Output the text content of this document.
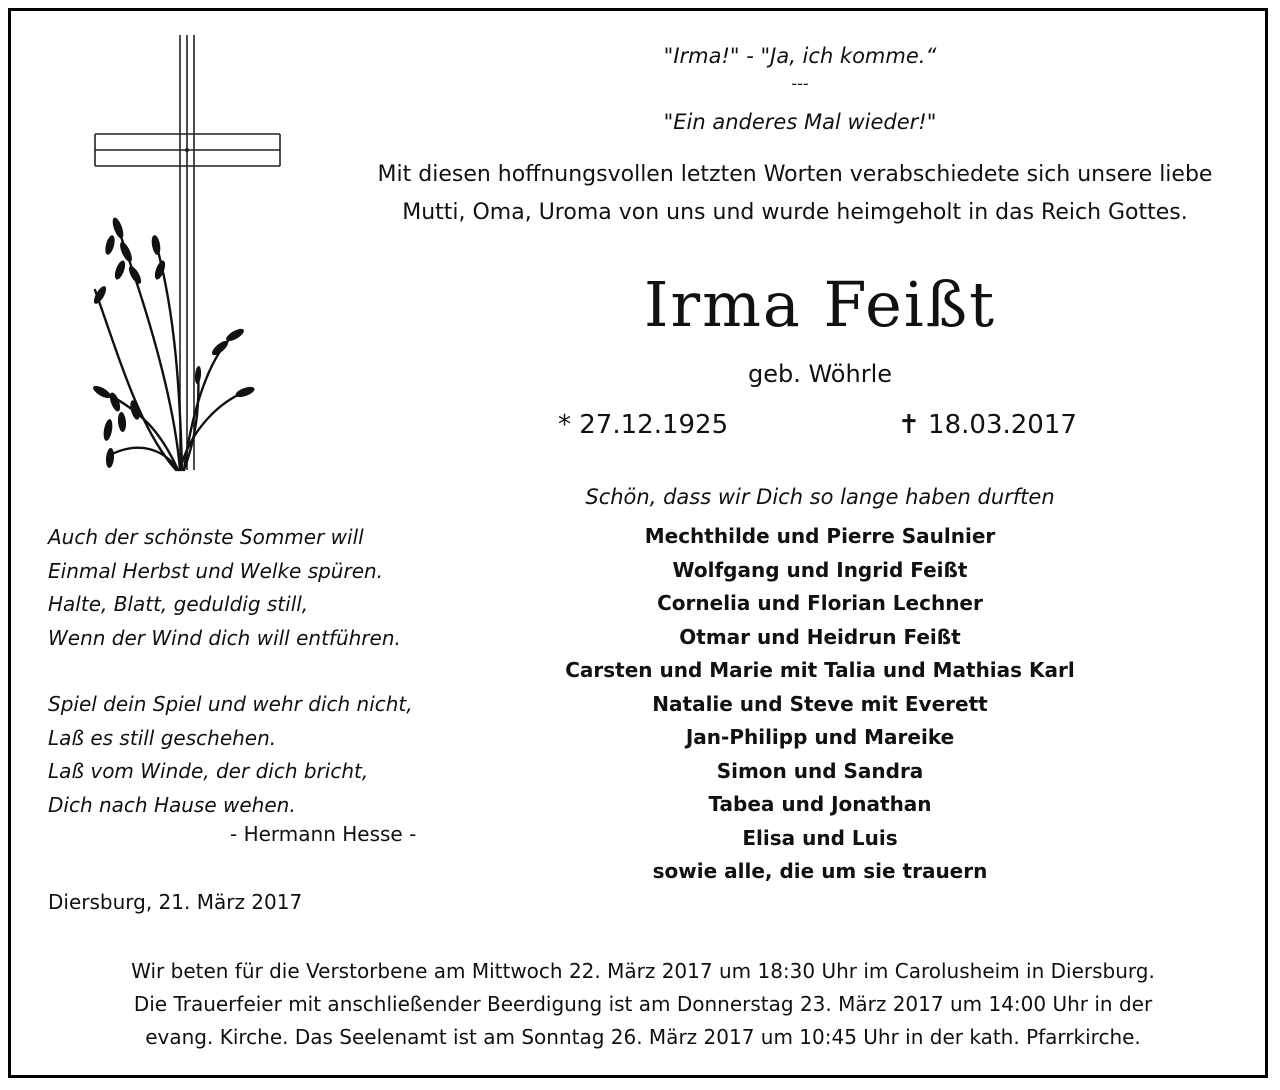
"Irma!" - "Ja, ich komme.“
---
"Ein anderes Mal wieder!"
Mit diesen hoffnungsvollen letzten Worten verabschiedete sich unsere liebe
Mutti, Oma, Uroma von uns und wurde heimgeholt in das Reich Gottes.
Irma Feißt
geb. Wöhrle
* 27.12.1925	✝ 18.03.2017
Auch der schönste Sommer will
Einmal Herbst und Welke spüren.
Halte, Blatt, geduldig still,
Wenn der Wind dich will entführen.
Spiel dein Spiel und wehr dich nicht,
Laß es still geschehen.
Laß vom Winde, der dich bricht,
Dich nach Hause wehen.
- Hermann Hesse -
Diersburg, 21. März 2017
Schön, dass wir Dich so lange haben durften
Mechthilde und Pierre Saulnier
Wolfgang und Ingrid Feißt
Cornelia und Florian Lechner
Otmar und Heidrun Feißt
Carsten und Marie mit Talia und Mathias Karl
Natalie und Steve mit Everett
Jan-Philipp und Mareike
Simon und Sandra
Tabea und Jonathan
Elisa und Luis
sowie alle, die um sie trauern
Wir beten für die Verstorbene am Mittwoch 22. März 2017 um 18:30 Uhr im Carolusheim in Diersburg.
Die Trauerfeier mit anschließender Beerdigung ist am Donnerstag 23. März 2017 um 14:00 Uhr in der
evang. Kirche. Das Seelenamt ist am Sonntag 26. März 2017 um 10:45 Uhr in der kath. Pfarrkirche.
